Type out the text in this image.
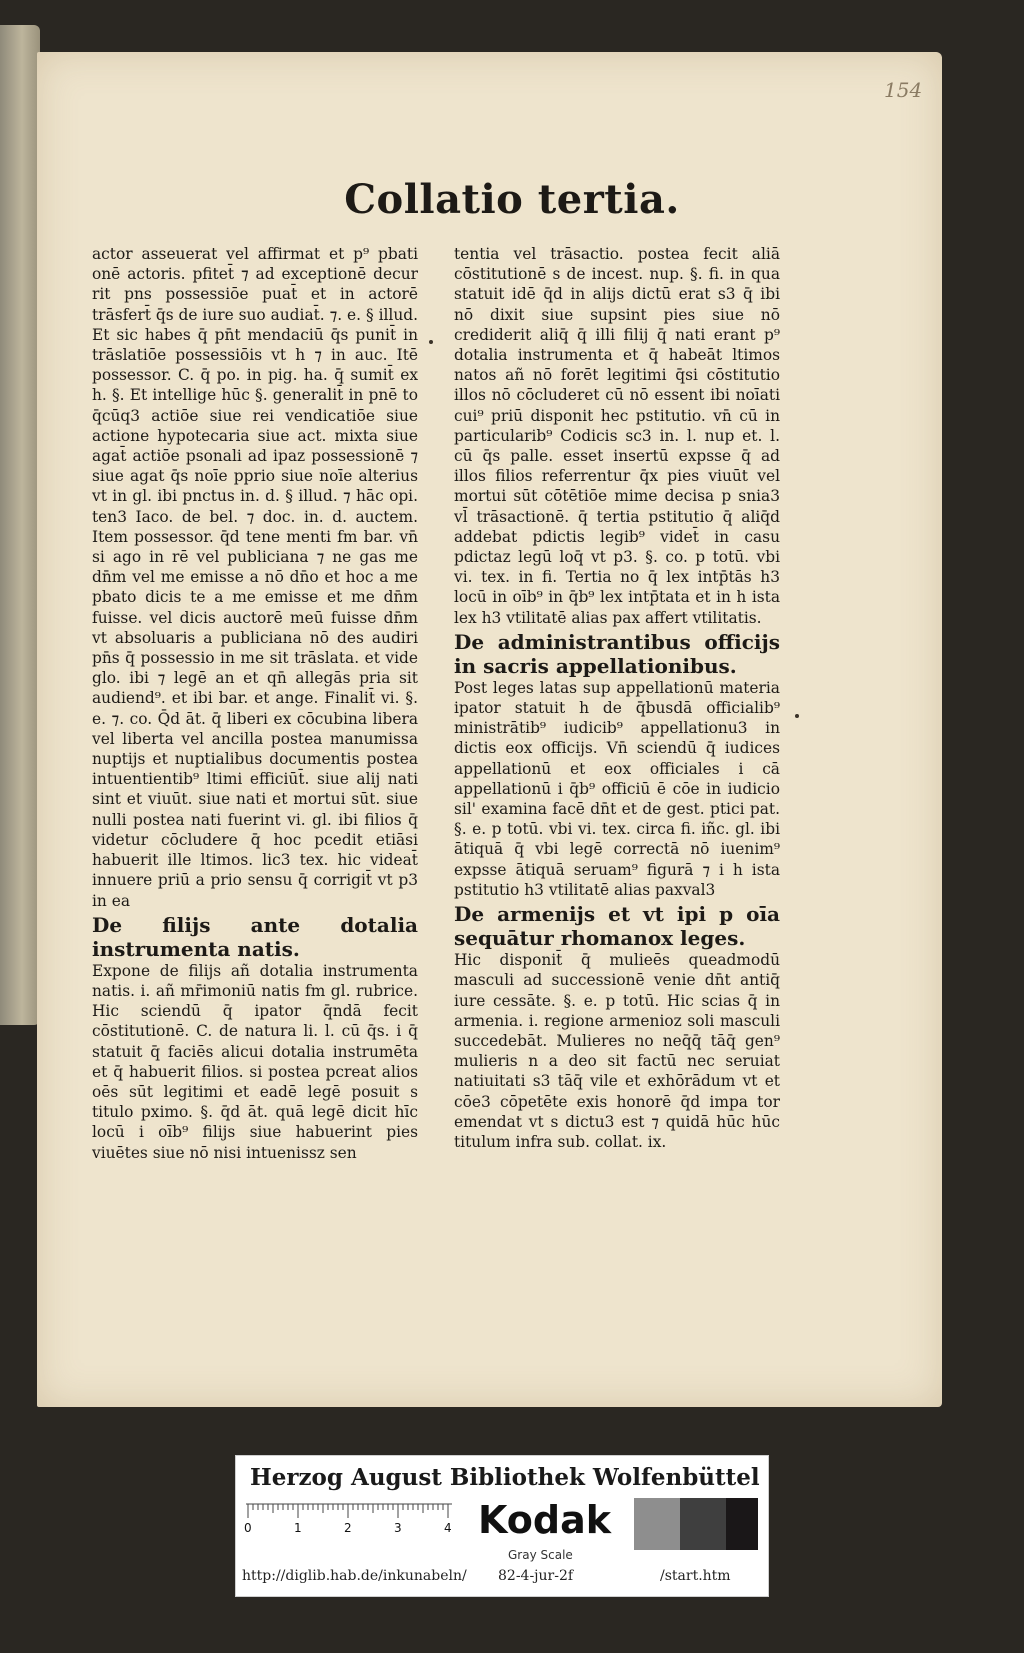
154
Collatio tertia.

actor asseuerat vel affirmat et p⁹ pbati onē actoris. pfitet̄ ⁊ ad exceptionē decur rit pns possessiōe puat̄ et in actorē trāsfert̄ q̄s de iure suo audiat̄. ⁊. e. § illud. Et sic habes q̄ pn̄t mendaciū q̄s punit̄ in trāslatiōe possessiōis vt h ⁊ in auc. Itē possessor. C. q̄ po. in pig. ha. q̄ sumit̄ ex h. §. Et intellige hūc §. generalit̄ in pnē to q̄cūq3 actiōe siue rei vendicatiōe siue actione hypotecaria siue act. mixta siue agat̄ actiōe psonali ad ipaz possessionē ⁊ siue agat q̄s noīe pprio siue noīe alterius vt in gl. ibi pnctus in. d. § illud. ⁊ hāc opi. ten3 Iaco. de bel. ⁊ doc. in. d. auctem. Item possessor. q̄d tene menti fm bar. vn̄ si ago in rē vel publiciana ⁊ ne gas me dn̄m vel me emisse a nō dn̄o et hoc a me pbato dicis te a me emisse et me dn̄m fuisse. vel dicis auctorē meū fuisse dn̄m vt absoluaris a publiciana nō des audiri pn̄s q̄ possessio in me sit trāslata. et vide glo. ibi ⁊ legē an et qn̄ allegās pria sit audiend⁹. et ibi bar. et ange. Finalit̄ vi. §. e. ⁊. co. Q̄d āt. q̄ liberi ex cōcubina libera vel liberta vel ancilla postea manumissa nuptijs et nuptialibus documentis postea intuentientib⁹ ltimi efficiūt̄. siue alij nati sint et viuūt. siue nati et mortui sūt. siue nulli postea nati fuerint vi. gl. ibi filios q̄ videtur cōcludere q̄ hoc pcedit etiāsi habuerit ille ltimos. lic3 tex. hic videat̄ innuere priū a prio sensu q̄ corrigit̄ vt p3 in ea

De filijs ante dotalia instrumenta natis.

Expone de filijs añ dotalia instrumenta natis. i. añ mr̄imoniū natis fm gl. rubrice. Hic sciendū q̄ ipator q̄ndā fecit cōstitutionē. C. de natura li. l. cū q̄s. i q̄ statuit q̄ faciēs alicui dotalia instrumēta et q̄ habuerit filios. si postea pcreat alios oēs sūt legitimi et eadē legē posuit s titulo pximo. §. q̄d āt. quā legē dicit hīc locū i oīb⁹ filijs siue habuerint pies viuētes siue nō nisi intuenissz sen

tentia vel trāsactio. postea fecit aliā cōstitutionē s de incest. nup. §. fi. in qua statuit idē q̄d in alijs dictū erat s3 q̄ ibi nō dixit siue supsint pies siue nō crediderit aliq̄ q̄ illi filij q̄ nati erant p⁹ dotalia instrumenta et q̄ habeāt ltimos natos añ nō forēt legitimi q̄si cōstitutio illos nō cōcluderet cū nō essent ibi noīati cui⁹ priū disponit hec pstitutio. vn̄ cū in particularib⁹ Codicis sc3 in. l. nup et. l. cū q̄s palle. esset insertū expsse q̄ ad illos filios referrentur q̄x pies viuūt vel mortui sūt cōtētiōe mime decisa p snia3 vl̄ trāsactionē. q̄ tertia pstitutio q̄ aliq̄d addebat pdictis legib⁹ videt̄ in casu pdictaz legū loq̄ vt p3. §. co. p totū. vbi vi. tex. in fi. Tertia no q̄ lex intp̄tās h3 locū in oīb⁹ in q̄b⁹ lex intp̄tata et in h ista lex h3 vtilitatē alias pax affert vtilitatis.

De administrantibus officijs in sacris appellationibus.

Post leges latas sup appellationū materia ipator statuit h de q̄busdā officialib⁹ ministrātib⁹ iudicib⁹ appellationu3 in dictis eox officijs. Vn̄ sciendū q̄ iudices appellationū et eox officiales i cā appellationū i q̄b⁹ officiū ē cōe in iudicio sil' examina facē dn̄t et de gest. ptici pat. §. e. p totū. vbi vi. tex. circa fi. iñc. gl. ibi ātiquā q̄ vbi legē correctā nō iuenim⁹ expsse ātiquā seruam⁹ figurā ⁊ i h ista pstitutio h3 vtilitatē alias paxval3

De armenijs et vt ipi p oīa sequātur rhomanox leges.

Hic disponit̄ q̄ mulieēs queadmodū masculi ad successionē venie dn̄t antiq̄ iure cessāte. §. e. p totū. Hic scias q̄ in armenia. i. regione armenioz soli masculi succedebāt. Mulieres no neq̄q̄ tāq̄ gen⁹ mulieris n a deo sit factū nec seruiat natiuitati s3 tāq̄ vile et exhōrādum vt et cōe3 cōpetēte exis honorē q̄d impa tor emendat vt s dictu3 est ⁊ quidā hūc hūc titulum infra sub. collat. ix.

Herzog August Bibliothek Wolfenbüttel
0	1	2	3	4 Kodak
Gray Scale
http://diglib.hab.de/inkunabeln/ 82-4-jur-2f	/start.htm
